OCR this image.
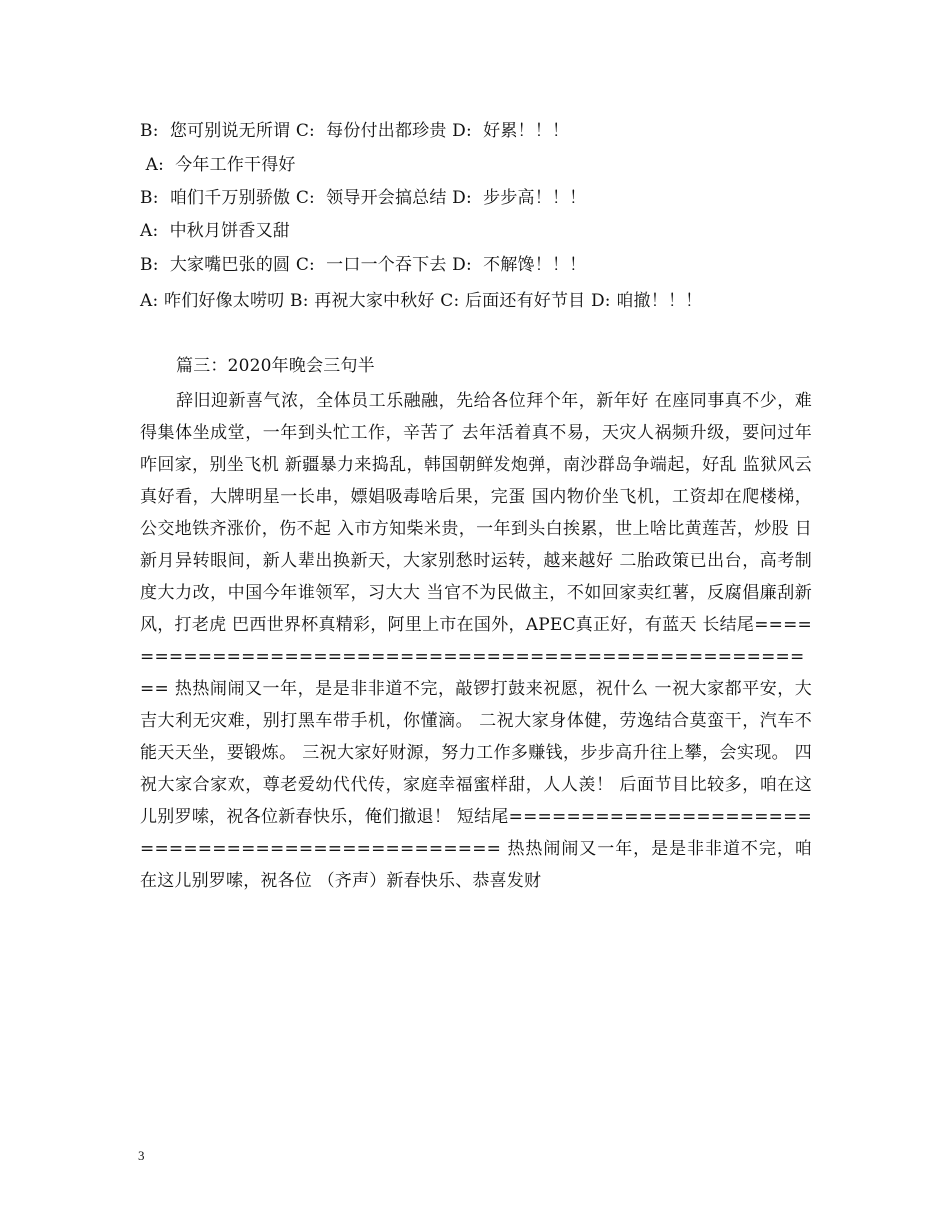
B:  您可别说无所谓 C:  每份付出都珍贵 D:  好累！！！
A:  今年工作干得好
B:  咱们千万别骄傲 C:  领导开会搞总结 D:  步步高！！！
A:  中秋月饼香又甜
B:  大家嘴巴张的圆 C:  一口一个吞下去 D:  不解馋！！！
A: 咋们好像太唠叨 B: 再祝大家中秋好 C: 后面还有好节目 D: 咱撤！！！
篇三：2020年晚会三句半
辞旧迎新喜气浓，全体员工乐融融，先给各位拜个年，新年好 在座同事真不少，难得集体坐成堂，一年到头忙工作，辛苦了 去年活着真不易，天灾人祸频升级，要问过年咋回家，别坐飞机 新疆暴力来捣乱，韩国朝鲜发炮弹，南沙群岛争端起，好乱 监狱风云真好看，大牌明星一长串，嫖娼吸毒啥后果，完蛋 国内物价坐飞机，工资却在爬楼梯，公交地铁齐涨价，伤不起 入市方知柴米贵，一年到头白挨累，世上啥比黄莲苦，炒股 日新月异转眼间，新人辈出换新天，大家别愁时运转，越来越好 二胎政策已出台，高考制度大力改，中国今年谁领军，习大大 当官不为民做主，不如回家卖红薯，反腐倡廉刮新风，打老虎 巴西世界杯真精彩，阿里上市在国外，APEC真正好，有蓝天 长结尾==================================================== 热热闹闹又一年，是是非非道不完，敲锣打鼓来祝愿，祝什么 一祝大家都平安，大吉大利无灾难，别打黑车带手机，你懂滴。 二祝大家身体健，劳逸结合莫蛮干，汽车不能天天坐，要锻炼。 三祝大家好财源，努力工作多赚钱，步步高升往上攀，会实现。 四祝大家合家欢，尊老爱幼代代传，家庭幸福蜜样甜，人人羡！ 后面节目比较多，咱在这儿别罗嗦，祝各位新春快乐，俺们撤退！ 短结尾============================================== 热热闹闹又一年，是是非非道不完，咱在这儿别罗嗦，祝各位 （齐声）新春快乐、恭喜发财
3
